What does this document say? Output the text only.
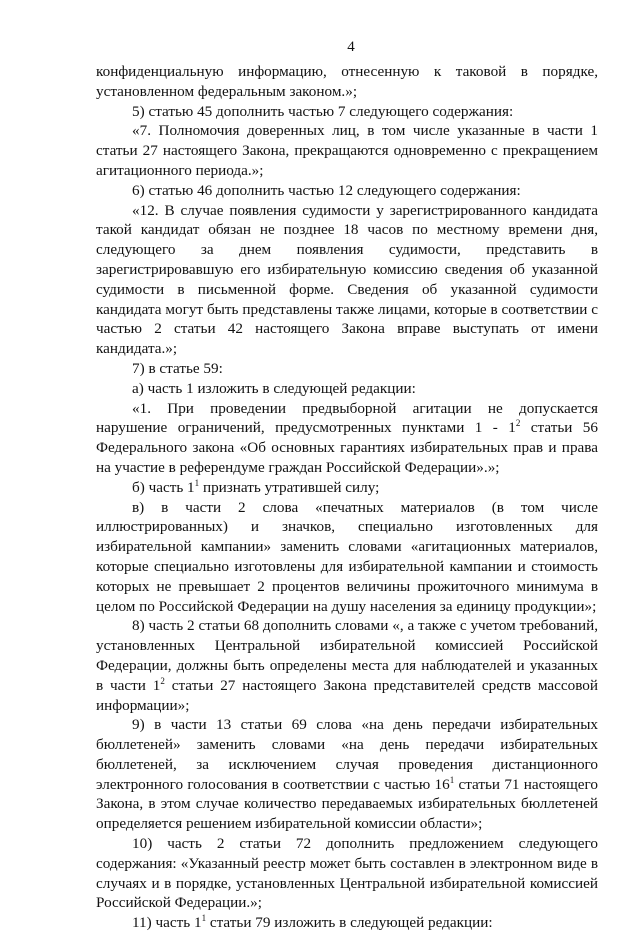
4

конфиденциальную информацию, отнесенную к таковой в порядке, установленном федеральным законом.»;

5) статью 45 дополнить частью 7 следующего содержания:

«7. Полномочия доверенных лиц, в том числе указанные в части 1 статьи 27 настоящего Закона, прекращаются одновременно с прекращением агитационного периода.»;

6) статью 46 дополнить частью 12 следующего содержания:

«12. В случае появления судимости у зарегистрированного кандидата такой кандидат обязан не позднее 18 часов по местному времени дня, следующего за днем появления судимости, представить в зарегистрировавшую его избирательную комиссию сведения об указанной судимости в письменной форме. Сведения об указанной судимости кандидата могут быть представлены также лицами, которые в соответствии с частью 2 статьи 42 настоящего Закона вправе выступать от имени кандидата.»;

7) в статье 59:

а) часть 1 изложить в следующей редакции:

«1. При проведении предвыборной агитации не допускается нарушение ограничений, предусмотренных пунктами $1 - 1^2$ статьи 56 Федерального закона «Об основных гарантиях избирательных прав и права на участие в референдуме граждан Российской Федерации».»;

б) часть $1^1$ признать утратившей силу;

в) в части 2 слова «печатных материалов (в том числе иллюстрированных) и значков, специально изготовленных для избирательной кампании» заменить словами «агитационных материалов, которые специально изготовлены для избирательной кампании и стоимость которых не превышает 2 процентов величины прожиточного минимума в целом по Российской Федерации на душу населения за единицу продукции»;

8) часть 2 статьи 68 дополнить словами «, а также с учетом требований, установленных Центральной избирательной комиссией Российской Федерации, должны быть определены места для наблюдателей и указанных в части $1^2$ статьи 27 настоящего Закона представителей средств массовой информации»;

9) в части 13 статьи 69 слова «на день передачи избирательных бюллетеней» заменить словами «на день передачи избирательных бюллетеней, за исключением случая проведения дистанционного электронного голосования в соответствии с частью $16^1$ статьи 71 настоящего Закона, в этом случае количество передаваемых избирательных бюллетеней определяется решением избирательной комиссии области»;

10) часть 2 статьи 72 дополнить предложением следующего содержания: «Указанный реестр может быть составлен в электронном виде в случаях и в порядке, установленных Центральной избирательной комиссией Российской Федерации.»;

11) часть $1^1$ статьи 79 изложить в следующей редакции:
